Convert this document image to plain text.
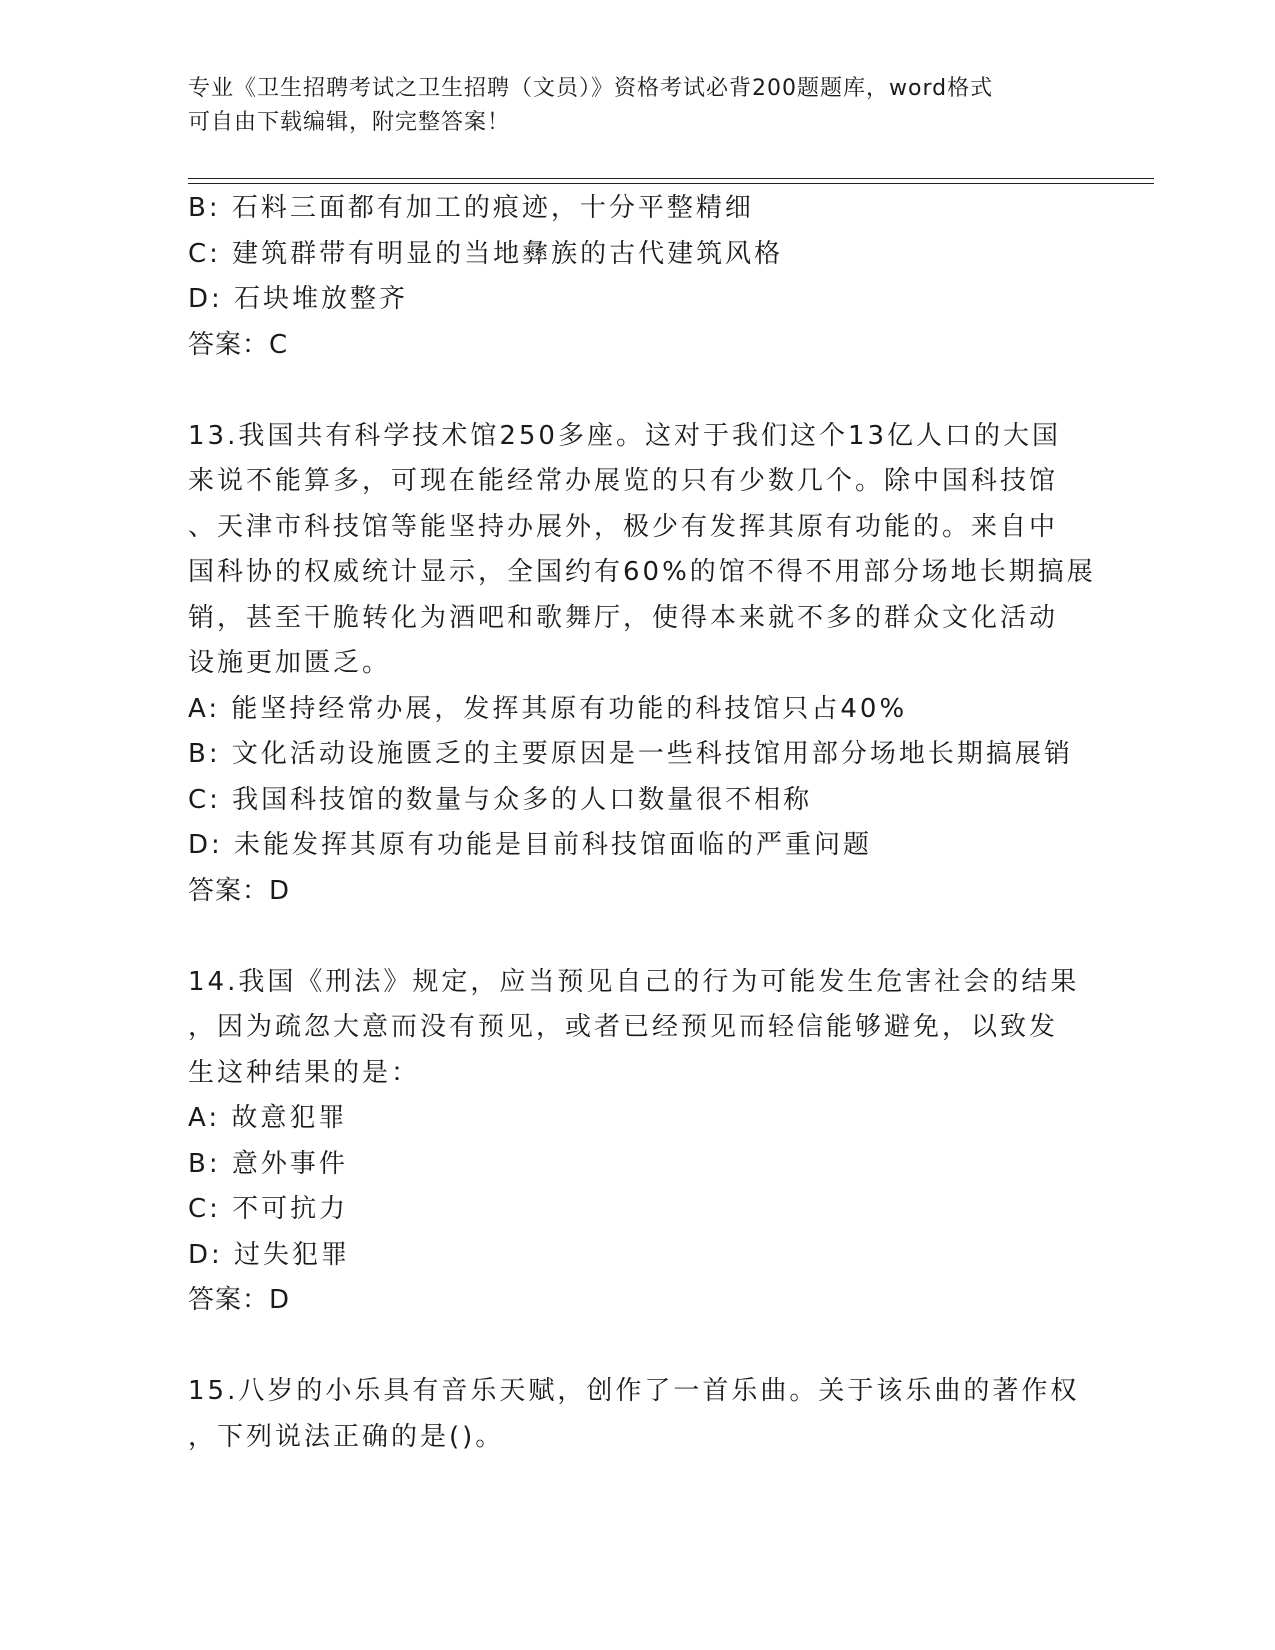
专业《卫生招聘考试之卫生招聘（文员）》资格考试必背200题题库，word格式
可自由下载编辑，附完整答案！
B: 石料三面都有加工的痕迹，十分平整精细
C: 建筑群带有明显的当地彝族的古代建筑风格
D: 石块堆放整齐
答案：C
13.我国共有科学技术馆250多座。这对于我们这个13亿人口的大国
来说不能算多，可现在能经常办展览的只有少数几个。除中国科技馆
、天津市科技馆等能坚持办展外，极少有发挥其原有功能的。来自中
国科协的权威统计显示，全国约有60%的馆不得不用部分场地长期搞展
销，甚至干脆转化为酒吧和歌舞厅，使得本来就不多的群众文化活动
设施更加匮乏。
A: 能坚持经常办展，发挥其原有功能的科技馆只占40%
B: 文化活动设施匮乏的主要原因是一些科技馆用部分场地长期搞展销
C: 我国科技馆的数量与众多的人口数量很不相称
D: 未能发挥其原有功能是目前科技馆面临的严重问题
答案：D
14.我国《刑法》规定，应当预见自己的行为可能发生危害社会的结果
，因为疏忽大意而没有预见，或者已经预见而轻信能够避免，以致发
生这种结果的是：
A: 故意犯罪
B: 意外事件
C: 不可抗力
D: 过失犯罪
答案：D
15.八岁的小乐具有音乐天赋，创作了一首乐曲。关于该乐曲的著作权
，下列说法正确的是()。
